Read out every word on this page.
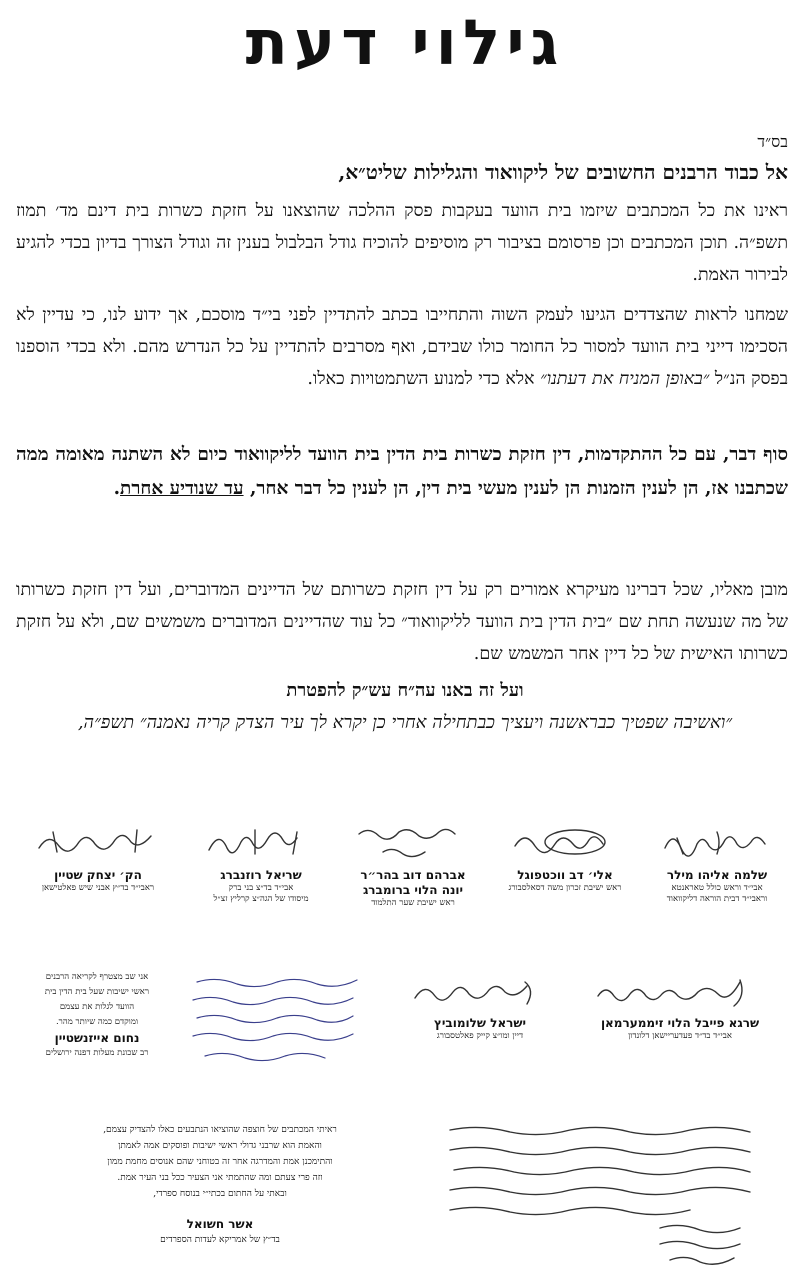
גילוי דעת
בס״ד
אל כבוד הרבנים החשובים של ליקוואוד והגלילות שליט״א,

ראינו את כל המכתבים שיזמו בית הוועד בעקבות פסק ההלכה שהוצאנו על חזקת כשרות בית דינם מד׳ תמוז תשפ״ה. תוכן המכתבים וכן פרסומם בציבור רק מוסיפים להוכיח גודל הבלבול בענין זה וגודל הצורך בדיון בכדי להגיע לבירור האמת.

שמחנו לראות שהצדדים הגיעו לעמק השוה והתחייבו בכתב להתדיין לפני בי״ד מוסכם, אך ידוע לנו, כי עדיין לא הסכימו דייני בית הוועד למסור כל החומר כולו שבידם, ואף מסרבים להתדיין על כל הנדרש מהם. ולא בכדי הוספנו בפסק הנ״ל ״באופן המניח את דעתנו״ אלא כדי למנוע השתמטויות כאלו.

סוף דבר, עם כל ההתקדמות, דין חזקת כשרות בית הדין בית הוועד לליקוואוד כיום לא השתנה מאומה ממה שכתבנו אז, הן לענין הזמנות הן לענין מעשי בית דין, הן לענין כל דבר אחר, עד שנודיע אחרת.

מובן מאליו, שכל דברינו מעיקרא אמורים רק על דין חזקת כשרותם של הדיינים המדוברים, ועל דין חזקת כשרותו של מה שנעשה תחת שם ״בית הדין בית הוועד לליקוואוד״ כל עוד שהדיינים המדוברים משמשים שם, ולא על חזקת כשרותו האישית של כל דיין אחר המשמש שם.

ועל זה באנו עה״ח עש״ק להפטרת
״ואשיבה שפטיך כבראשנה ויעציך כבתחילה אחרי כן יקרא לך עיר הצדק קריה נאמנה״ תשפ״ה,
שלמה אליהו מילר
אבי״ד וראש כולל טאראנטא
וראבי״ד דבית הוראה דליקוואוד
אלי׳ דב ווכטפוגל
ראש ישיבת זכרון משה דסאלסבורג
אברהם דוב בהר״ר
יונה הלוי ברומברג
ראש ישיבת שער התלמוד
שריאל רוזנברג
אבי״ד בד״צ בני ברק
מיסודו של הגה״צ קרליץ זצ״ל
הק׳ יצחק שטיין
ראבי״ד בד״ץ אבני שיש פאלטישאן
שרגא פייבל הלוי זיממערמאן
אבי״ד בד״ד פעדעריישאן דלונדון
ישראל שלומוביץ
דיין ומו״צ קייק פאלטסבורג
אני שב מצטרף לקריאה הרבנים
ראשי ישיבות שעל בית הדין בית
הוועד לגלות את עצמם
ומוקדם כמה שיותר מהר.
נחום אייזנשטיין
רב שכונת מעלות דפנה ירושלים
ראיתי המכתבים של חוצפה שהוציאו הנתבעים כאלו להצדיק עצמם,
והאמת הוא שרבני גדולי ראשי ישיבות ופוסקים אמה לאמתן
והתימכנן אמת והמדרגה אחר זה בטוחני שהם אנוסים מחמת ממון
וזה פרי צעתם ומה שהתמתי אני הצעיר ככל בני העיר אמת.
ובאתי על החתום בכתי״י בנוסח ספרדי,
אשר חשואל
בד״ץ של אמריקא לעדות הספרדים
